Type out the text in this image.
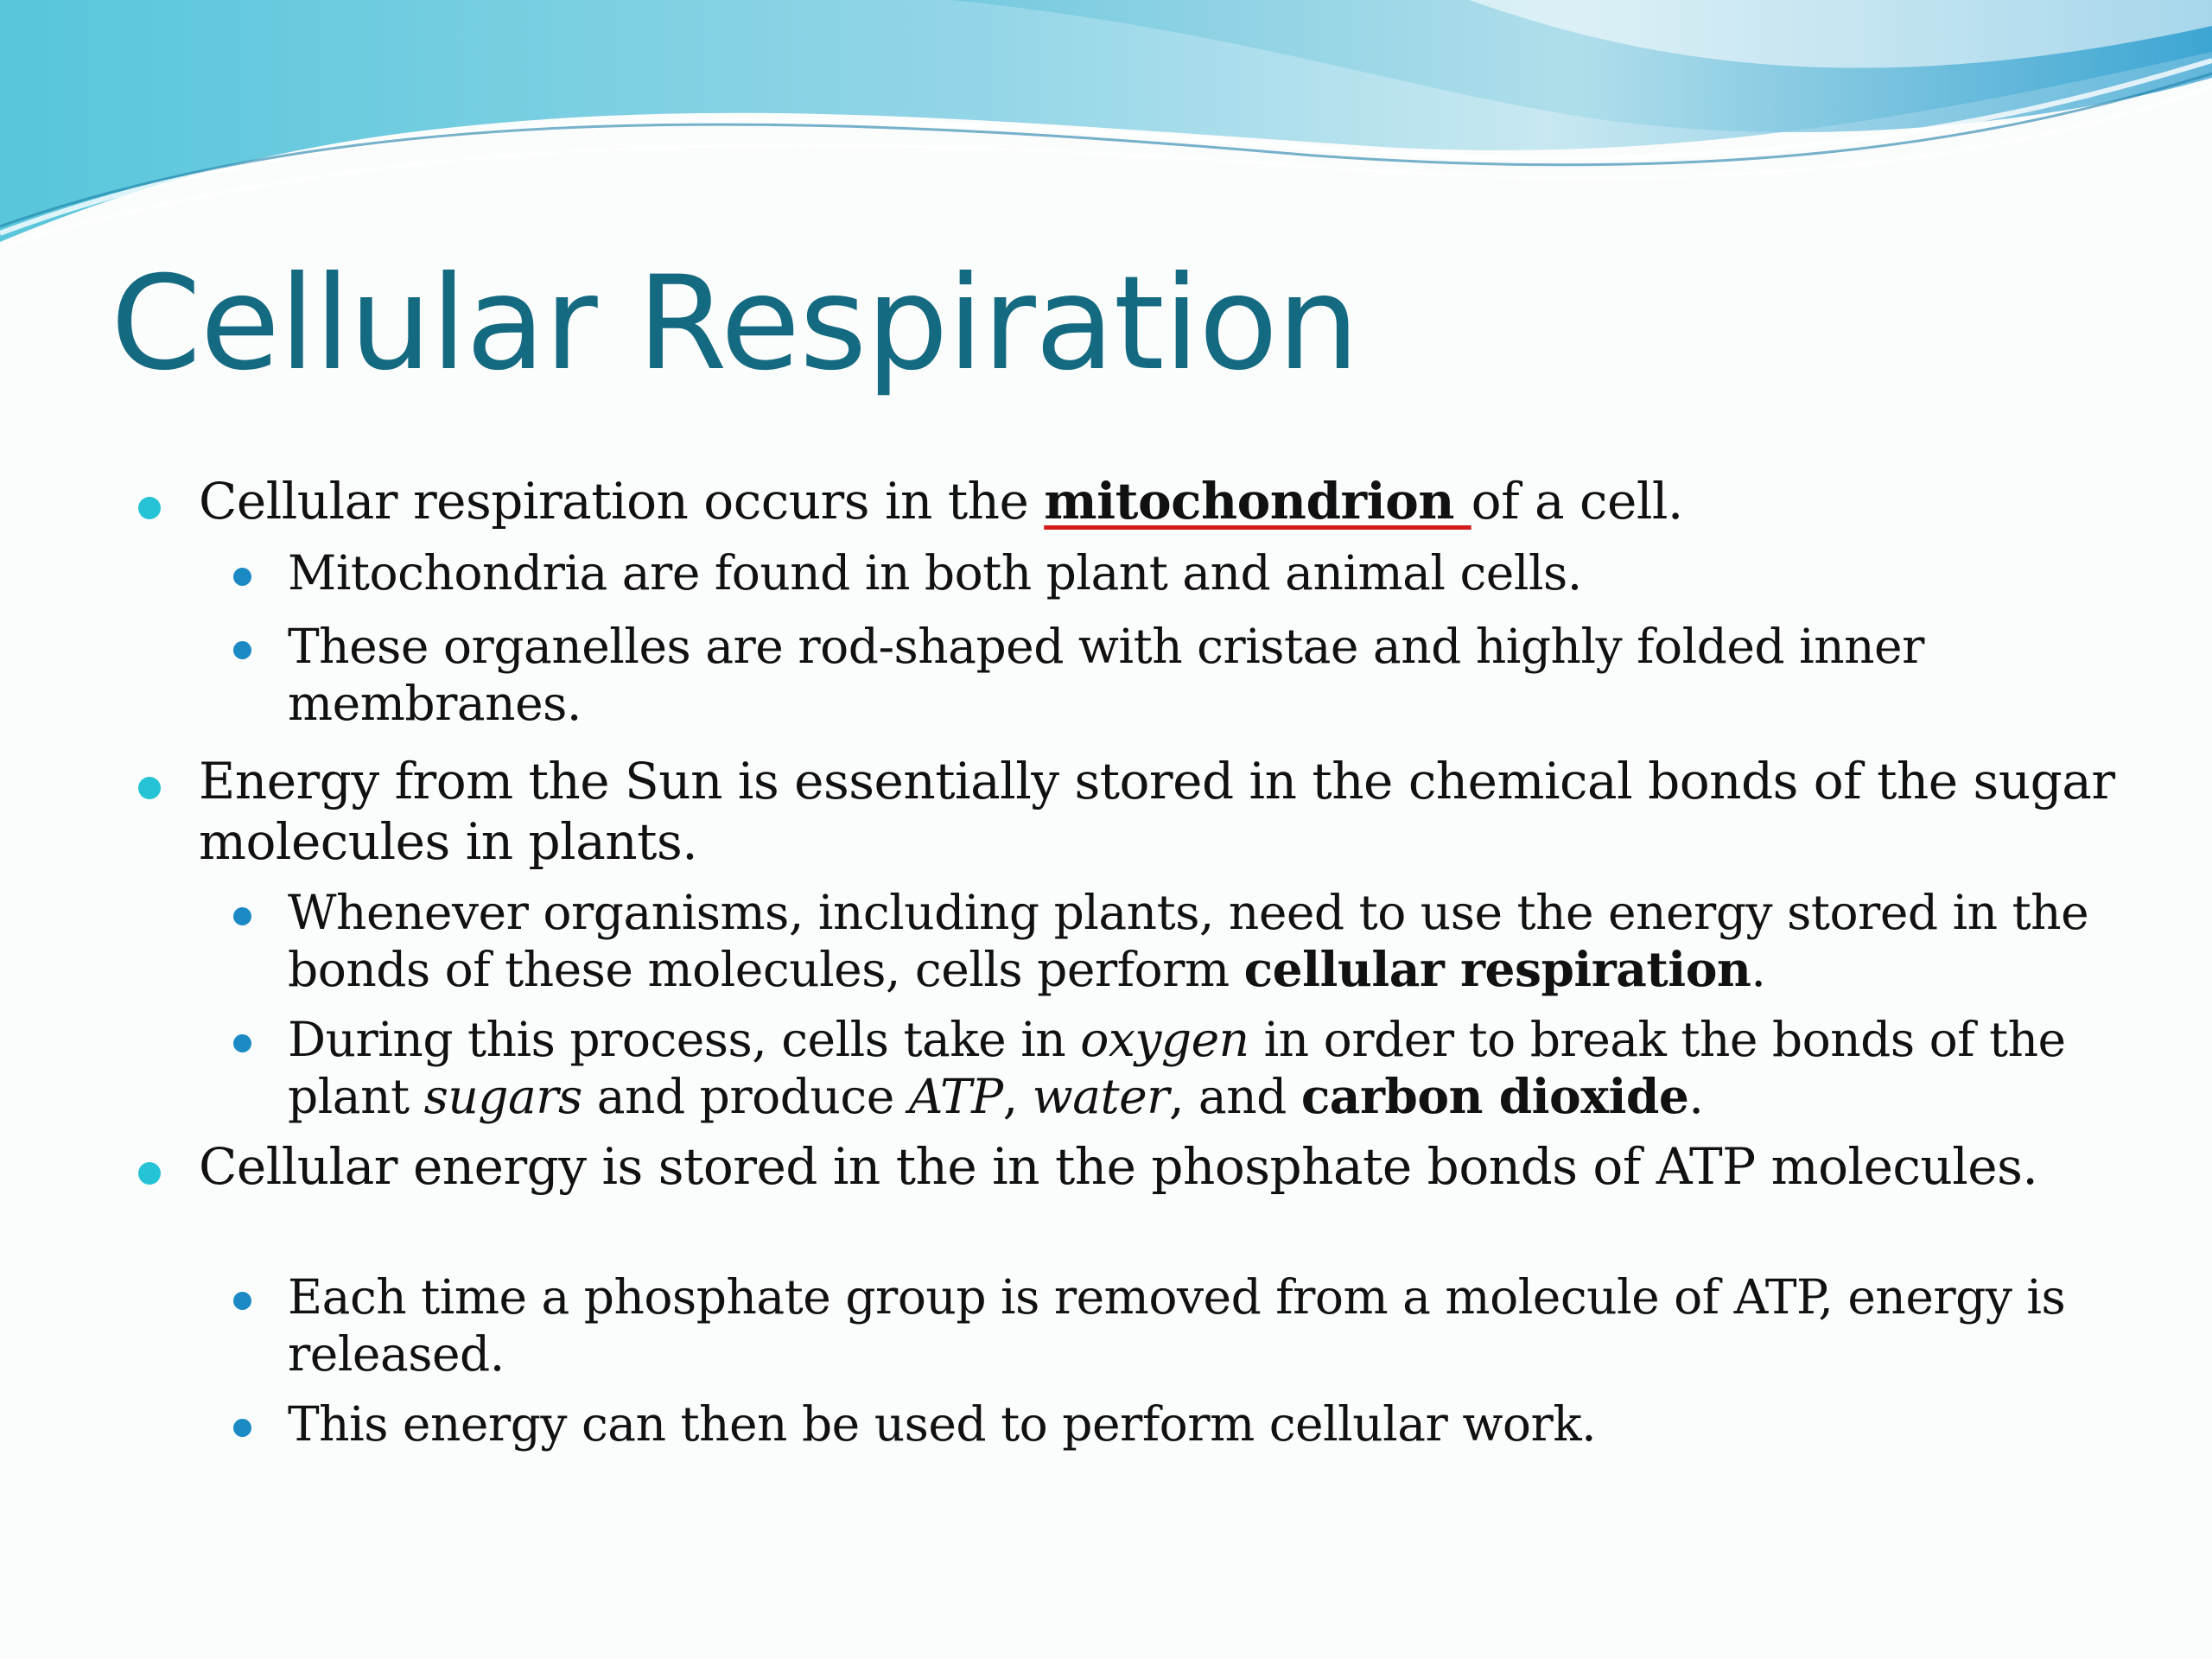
Cellular Respiration

Cellular respiration occurs in the mitochondrion of a cell.

Mitochondria are found in both plant and animal cells.

These organelles are rod-shaped with cristae and highly folded inner membranes.

Energy from the Sun is essentially stored in the chemical bonds of the sugar molecules in plants.

Whenever organisms, including plants, need to use the energy stored in the bonds of these molecules, cells perform cellular respiration.

During this process, cells take in oxygen in order to break the bonds of the plant sugars and produce ATP, water, and carbon dioxide.

Cellular energy is stored in the in the phosphate bonds of ATP molecules.

Each time a phosphate group is removed from a molecule of ATP, energy is released.

This energy can then be used to perform cellular work.
